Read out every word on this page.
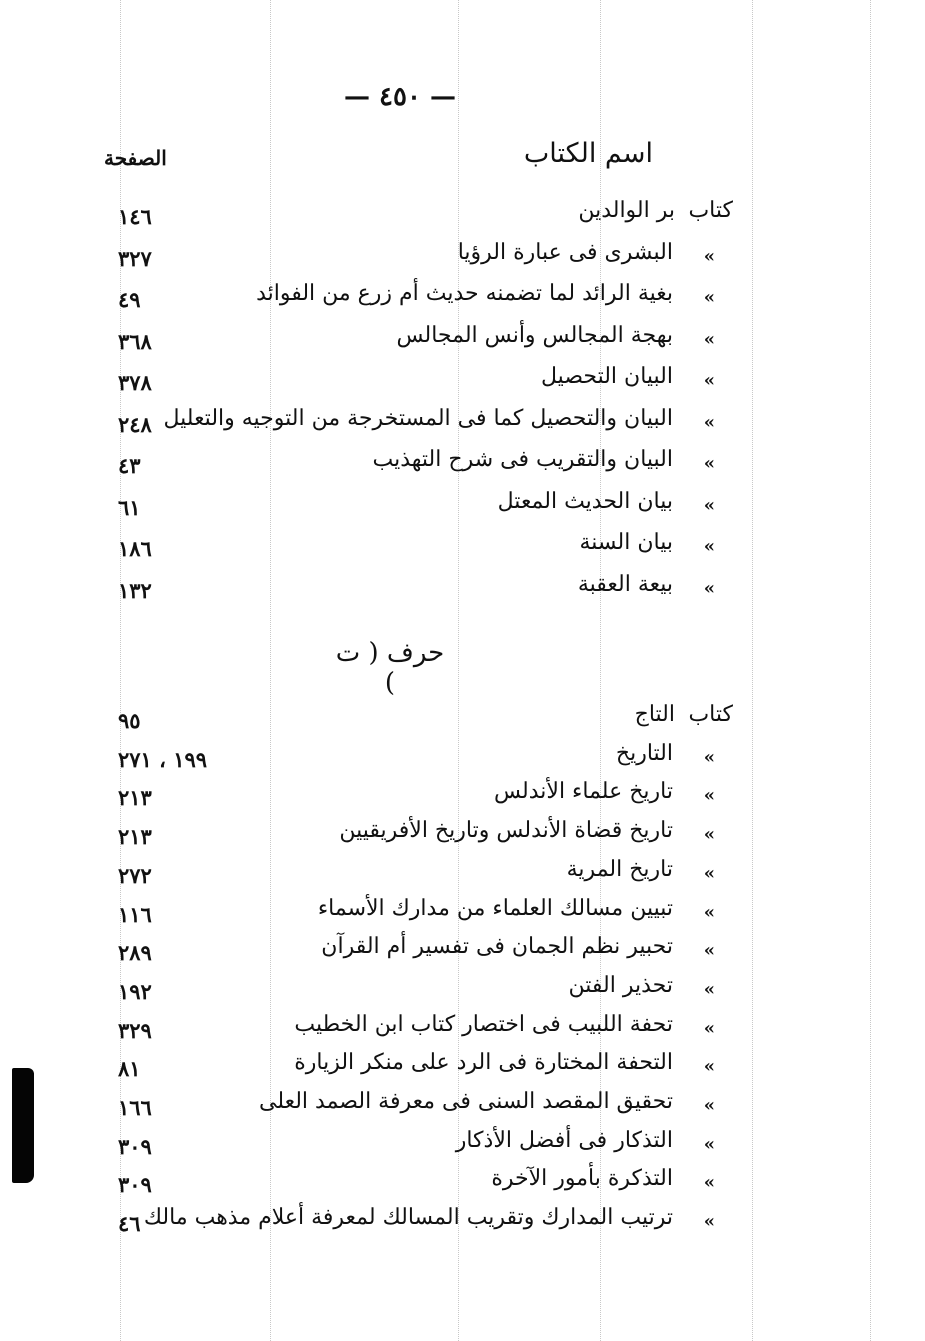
— ٤٥٠ —
اسم الكتاب
الصفحة
كتاب
بر الوالدين
١٤٦
»
البشرى فى عبارة الرؤيا
٣٢٧
»
بغية الرائد لما تضمنه حديث أم زرع من الفوائد
٤٩
»
بهجة المجالس وأنس المجالس
٣٦٨
»
البيان التحصيل
٣٧٨
»
البيان والتحصيل كما فى المستخرجة من التوجيه والتعليل
٢٤٨
»
البيان والتقريب فى شرح التهذيب
٤٣
»
بيان الحديث المعتل
٦١
»
بيان السنة
١٨٦
»
بيعة العقبة
١٣٢
حرف ( ت )
كتاب
التاج
٩٥
»
التاريخ
١٩٩ ، ٢٧١
»
تاريخ علماء الأندلس
٢١٣
»
تاريخ قضاة الأندلس وتاريخ الأفريقيين
٢١٣
»
تاريخ المرية
٢٧٢
»
تبيين مسالك العلماء من مدارك الأسماء
١١٦
»
تحبير نظم الجمان فى تفسير أم القرآن
٢٨٩
»
تحذير الفتن
١٩٢
»
تحفة اللبيب فى اختصار كتاب ابن الخطيب
٣٢٩
»
التحفة المختارة فى الرد على منكر الزيارة
٨١
»
تحقيق المقصد السنى فى معرفة الصمد العلى
١٦٦
»
التذكار فى أفضل الأذكار
٣٠٩
»
التذكرة بأمور الآخرة
٣٠٩
»
ترتيب المدارك وتقريب المسالك لمعرفة أعلام مذهب مالك
٤٦
